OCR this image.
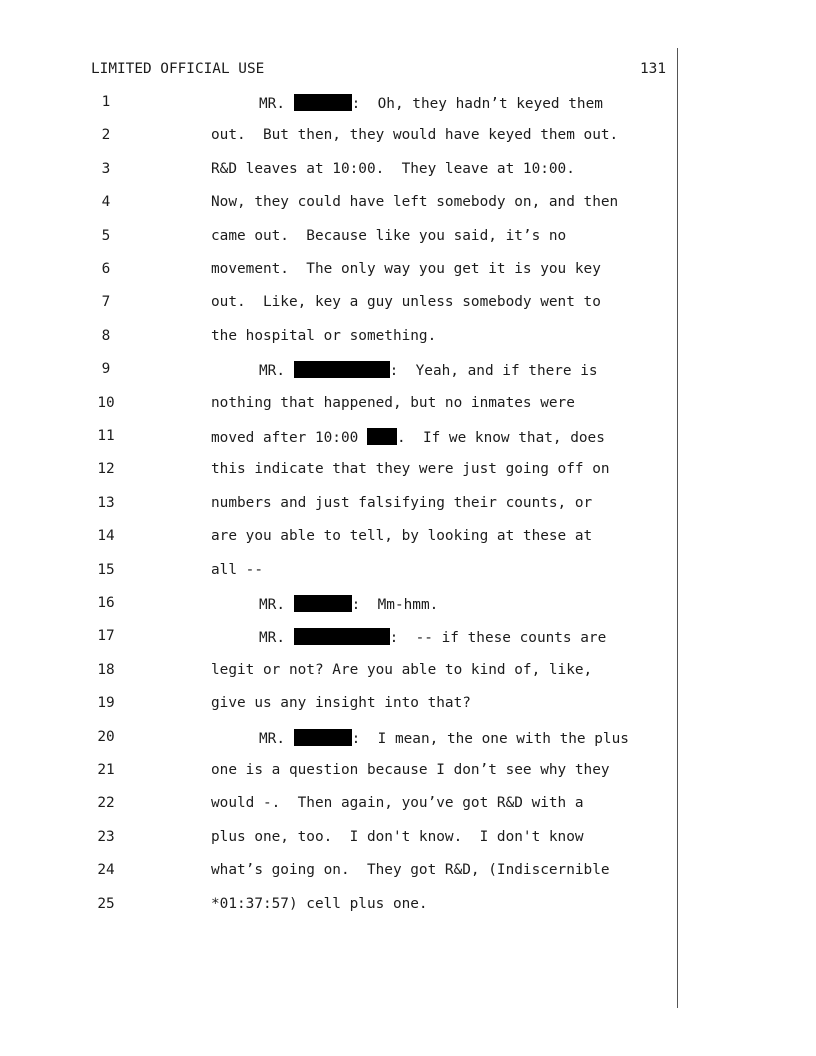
LIMITED OFFICIAL USE	131
1	MR.	:  Oh, they hadn’t keyed them
2	out.  But then, they would have keyed them out.
3	R&D leaves at 10:00.  They leave at 10:00.
4	Now, they could have left somebody on, and then
5	came out.  Because like you said, it’s no
6	movement.  The only way you get it is you key
7	out.  Like, key a guy unless somebody went to
8	the hospital or something.
9	MR.	:  Yeah, and if there is
10	nothing that happened, but no inmates were
11	moved after 10:00 .  If we know that, does
12	this indicate that they were just going off on
13	numbers and just falsifying their counts, or
14	are you able to tell, by looking at these at
15	all --
16	MR.	:  Mm-hmm.
17	MR.	:  -- if these counts are
18	legit or not? Are you able to kind of, like,
19	give us any insight into that?
20	MR.	:  I mean, the one with the plus
21	one is a question because I don’t see why they
22	would -.  Then again, you’ve got R&D with a
23	plus one, too.  I don't know.  I don't know
24	what’s going on.  They got R&D, (Indiscernible
25	*01:37:57) cell plus one.
